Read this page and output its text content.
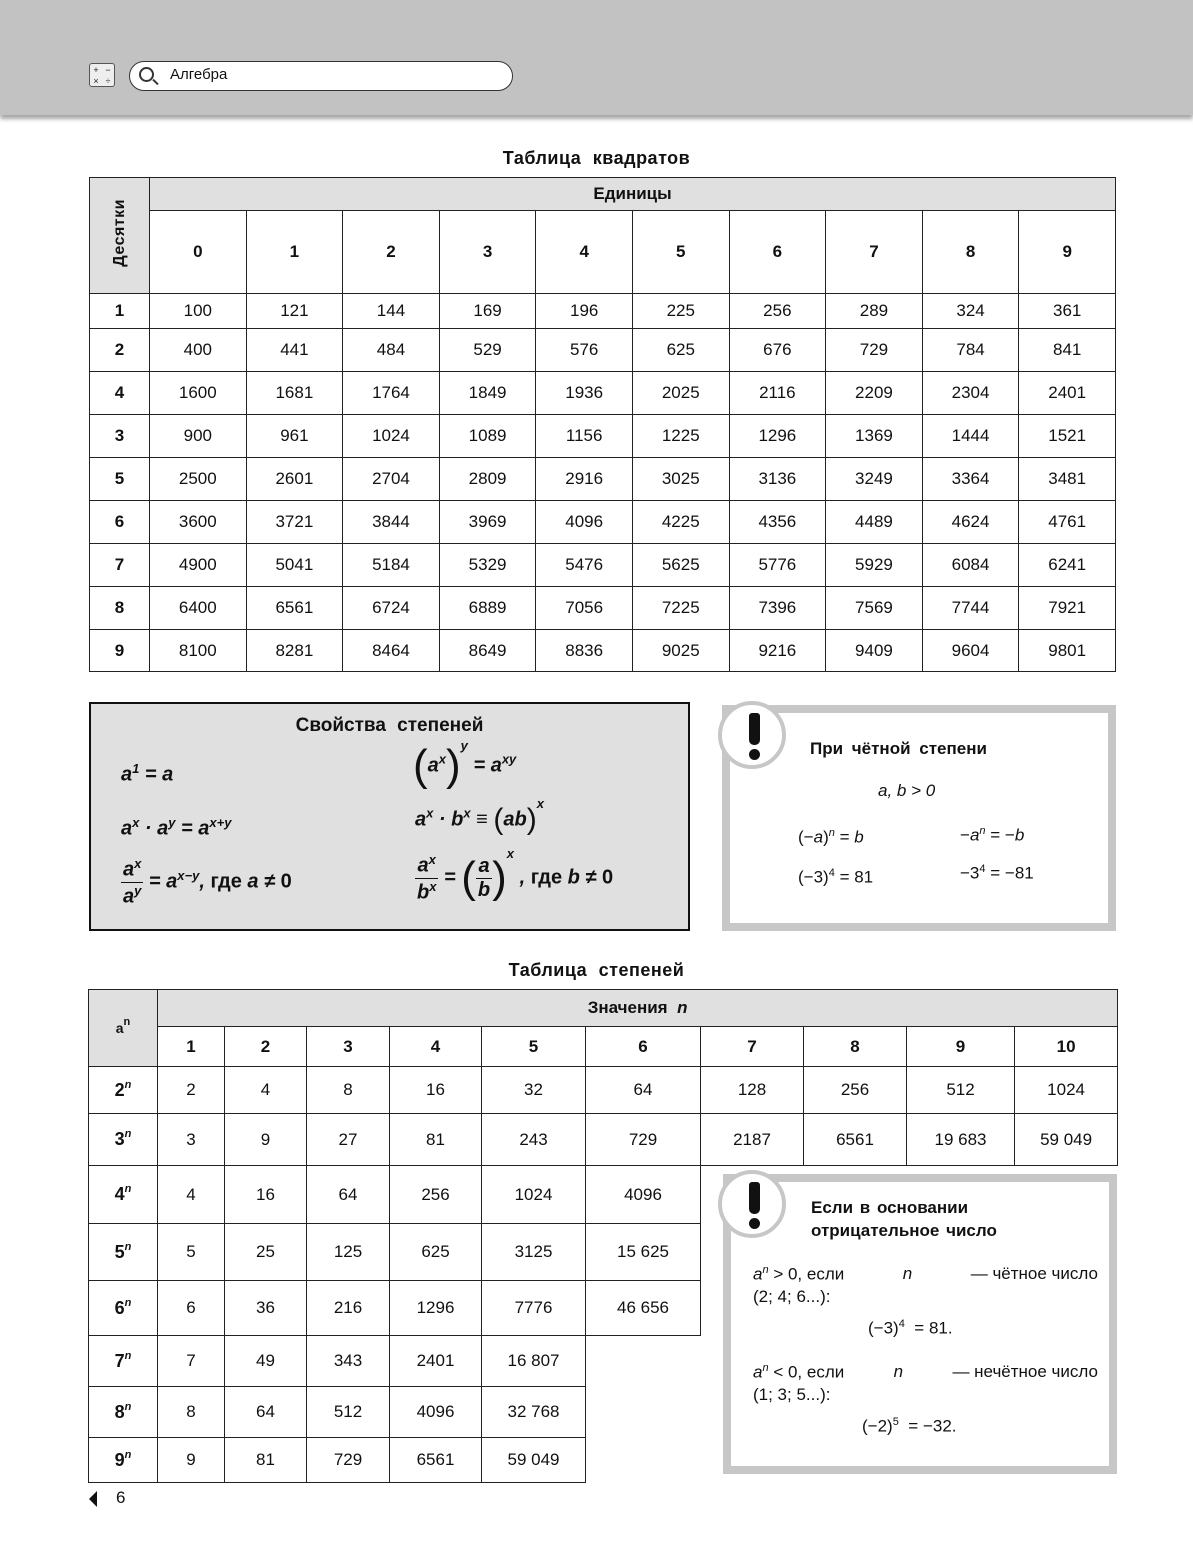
+ −
× ÷	Алгебра
Таблица квадратов
Десятки	Единицы									
	0	1	2	3	4	5	6	7	8	9
1	100	121	144	169	196	225	256	289	324	361
2	400	441	484	529	576	625	676	729	784	841
4	1600	1681	1764	1849	1936	2025	2116	2209	2304	2401
3	900	961	1024	1089	1156	1225	1296	1369	1444	1521
5	2500	2601	2704	2809	2916	3025	3136	3249	3364	3481
6	3600	3721	3844	3969	4096	4225	4356	4489	4624	4761
7	4900	5041	5184	5329	5476	5625	5776	5929	6084	6241
8	6400	6561	6724	6889	7056	7225	7396	7569	7744	7921
9	8100	8281	8464	8649	8836	9025	9216	9409	9604	9801
Свойства степеней
$a^1 = a$	$(a^x)^y = a^{xy}$
$a^x \cdot a^y = a^{x+y}$	$a^x \cdot b^x \equiv (ab)^x$
$\frac{a^x}{a^y} = a^{x-y}$, где a ≠ 0	$\frac{a^x}{b^x}$ = ( $\frac{a}{b} )^x$ , где b ≠ 0
При чётной степени
a, b > 0
$(-a)^n = b$	$-a^n = -b$
$(-3)^4 = 81$	$-3^4 = -81$
Таблица степеней
$a^n$	Значения n									
	1	2	3	4	5	6	7	8	9	10
2$^n$	2	4	8	16	32	64	128	256	512	1024
3$^n$	3	9	27	81	243	729	2187	6561	19 683	59 049
4$^n$	4	16	64	256	1024	4096				
5$^n$	5	25	125	625	3125	15 625				
6$^n$	6	36	216	1296	7776	46 656				
7$^n$	7	49	343	2401	16 807					
8$^n$	8	64	512	4096	32 768					
9$^n$	9	81	729	6561	59 049					
Если в основании
отрицательное число
$a^n > 0$, если	n	— чётное число
(2; 4; 6...):
$(-3)^4 = 81$.
$a^n < 0$, если	n	— нечётное число
(1; 3; 5...):
$(-2)^5 = -32$.
6
